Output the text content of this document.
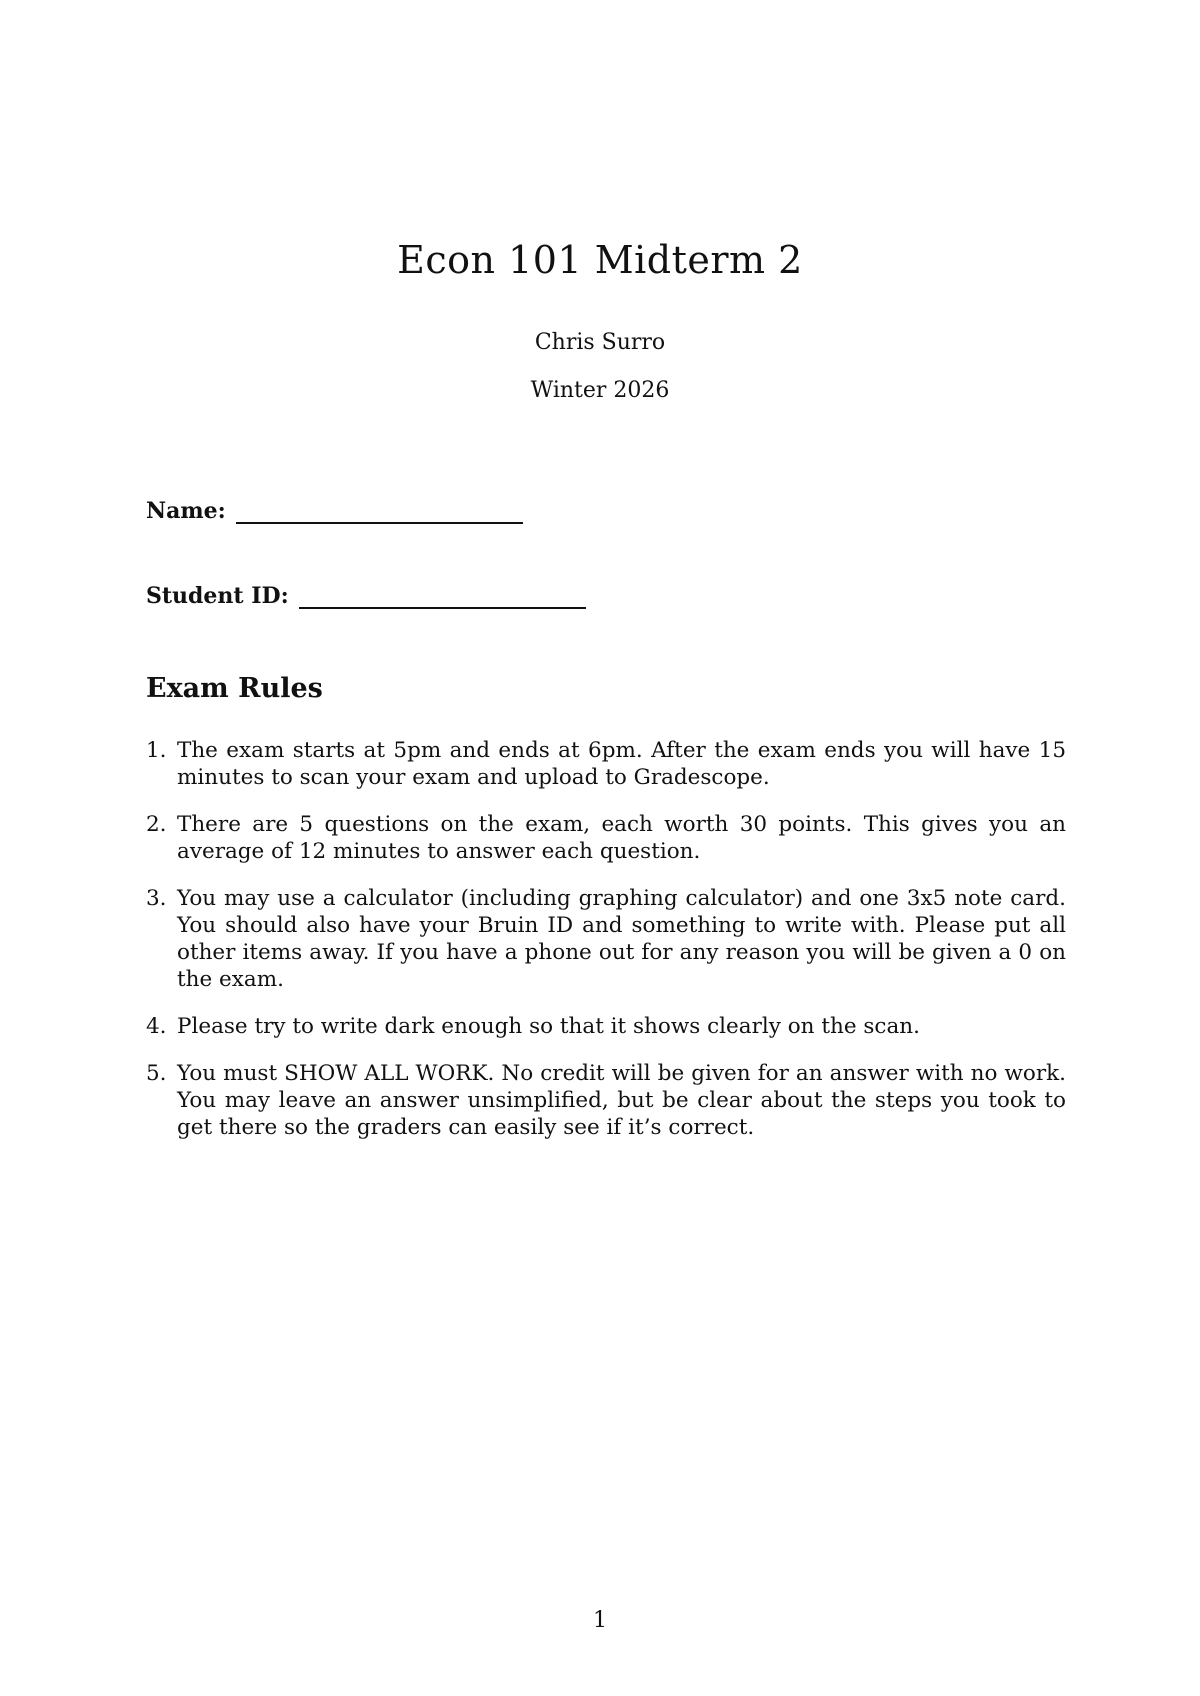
Econ 101 Midterm 2
Chris Surro
Winter 2026
Name:
Student ID:
Exam Rules
1. The exam starts at 5pm and ends at 6pm. After the exam ends you will have 15 minutes to scan your exam and upload to Gradescope.
2. There are 5 questions on the exam, each worth 30 points. This gives you an average of 12 minutes to answer each question.
3. You may use a calculator (including graphing calculator) and one 3x5 note card. You should also have your Bruin ID and something to write with. Please put all other items away. If you have a phone out for any reason you will be given a 0 on the exam.
4. Please try to write dark enough so that it shows clearly on the scan.
5. You must SHOW ALL WORK. No credit will be given for an answer with no work. You may leave an answer unsimplified, but be clear about the steps you took to get there so the graders can easily see if it’s correct.
1
